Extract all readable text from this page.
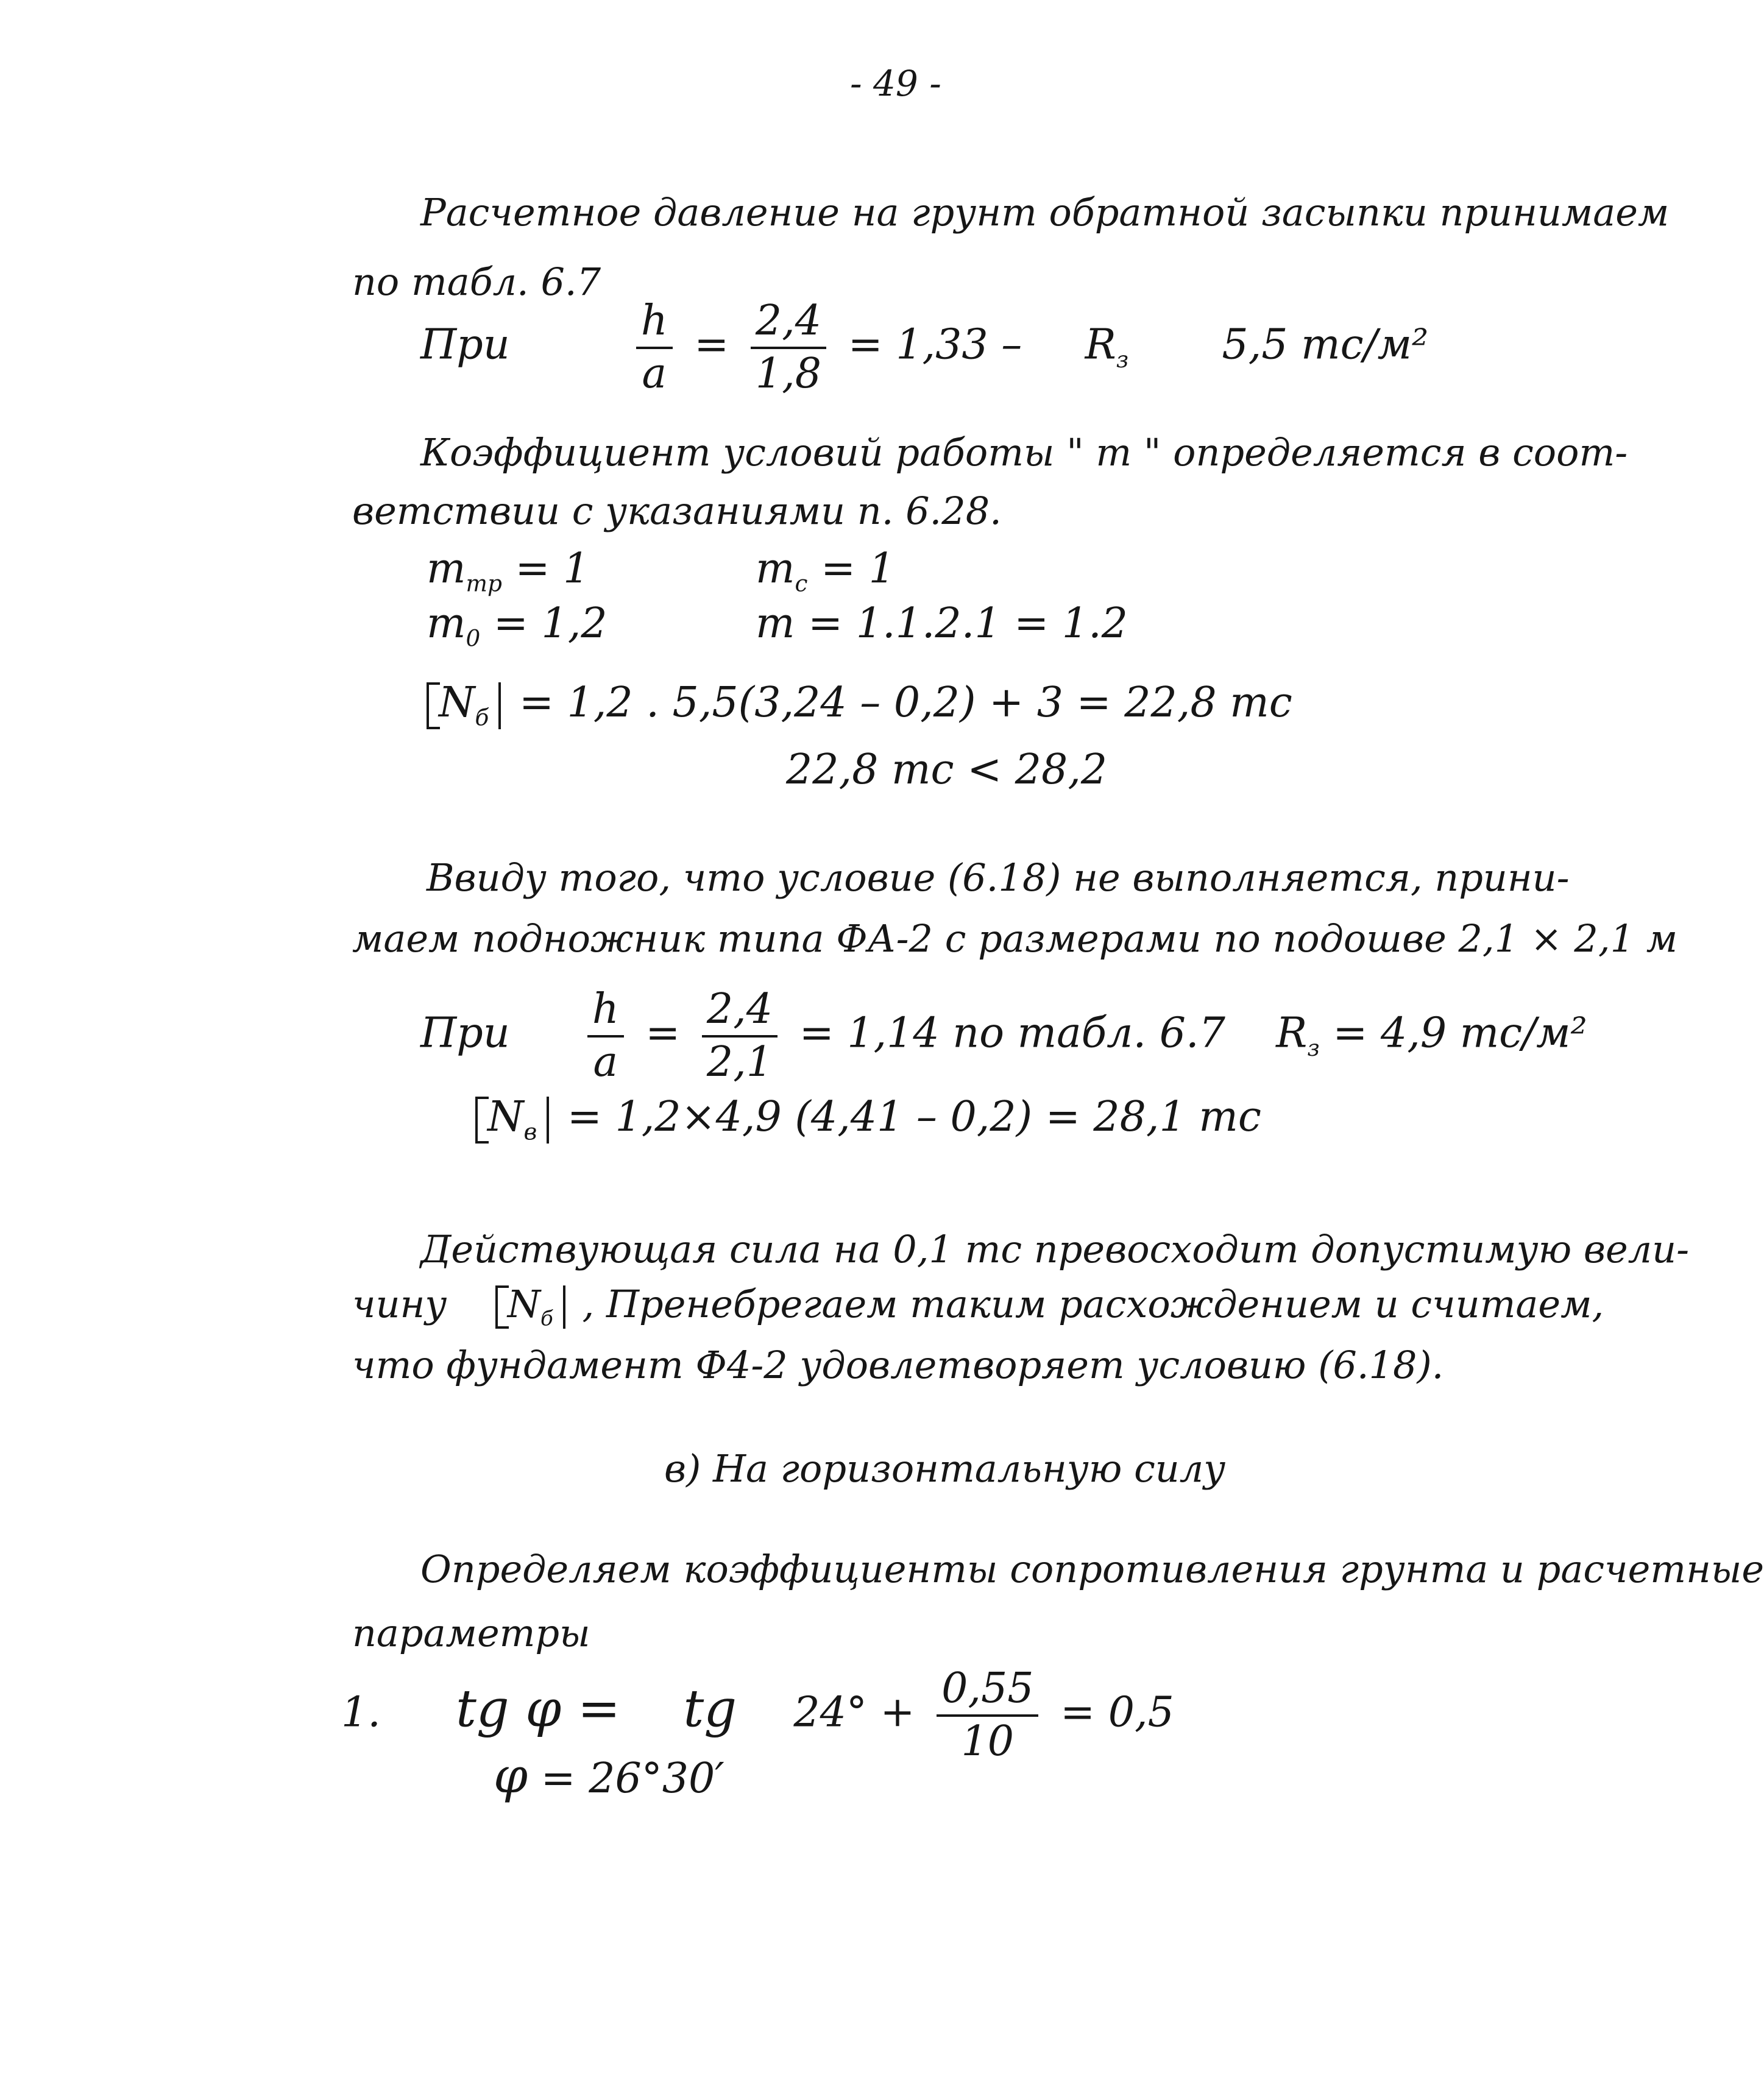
- 49 -
Расчетное давление на грунт обратной засыпки принимаем
по табл. 6.7
При	$\frac{h}{a} = \frac{2,4}{1,8} = 1,33 - R_з$ 5,5 тс/м²
Коэффициент условий работы " m " определяется в соот-
ветствии с указаниями п. 6.28.
$m_{тр} = 1$	$m_c = 1$
$m_0 = 1,2$	m = 1.1.2.1 = 1.2
$N_б = 1,2$ . 5,5(3,24 – 0,2) + 3 = 22,8 тс
22,8 тс < 28,2
Ввиду того, что условие (6.18) не выполняется, прини-
маем подножник типа ФА-2 с размерами по подошве 2,1 × 2,1 м
При $\frac{h}{a} = \frac{2,4}{2,1} = 1,14$ по табл. 6.7 $R_з = 4,9$ тс/м²
$N_в = 1,2\times 4,9$ (4,41 – 0,2) = 28,1 тс
Действующая сила на 0,1 тс превосходит допустимую вели-
чину $N_б$ , Пренебрегаем таким расхождением и считаем,
что фундамент Ф4-2 удовлетворяет условию (6.18).
в) На горизонтальную силу
Определяем коэффициенты сопротивления грунта и расчетные
параметры
1. tg φ = tg $24^\circ + \frac{0,55}{10} = 0,5$
φ = 26°30′
